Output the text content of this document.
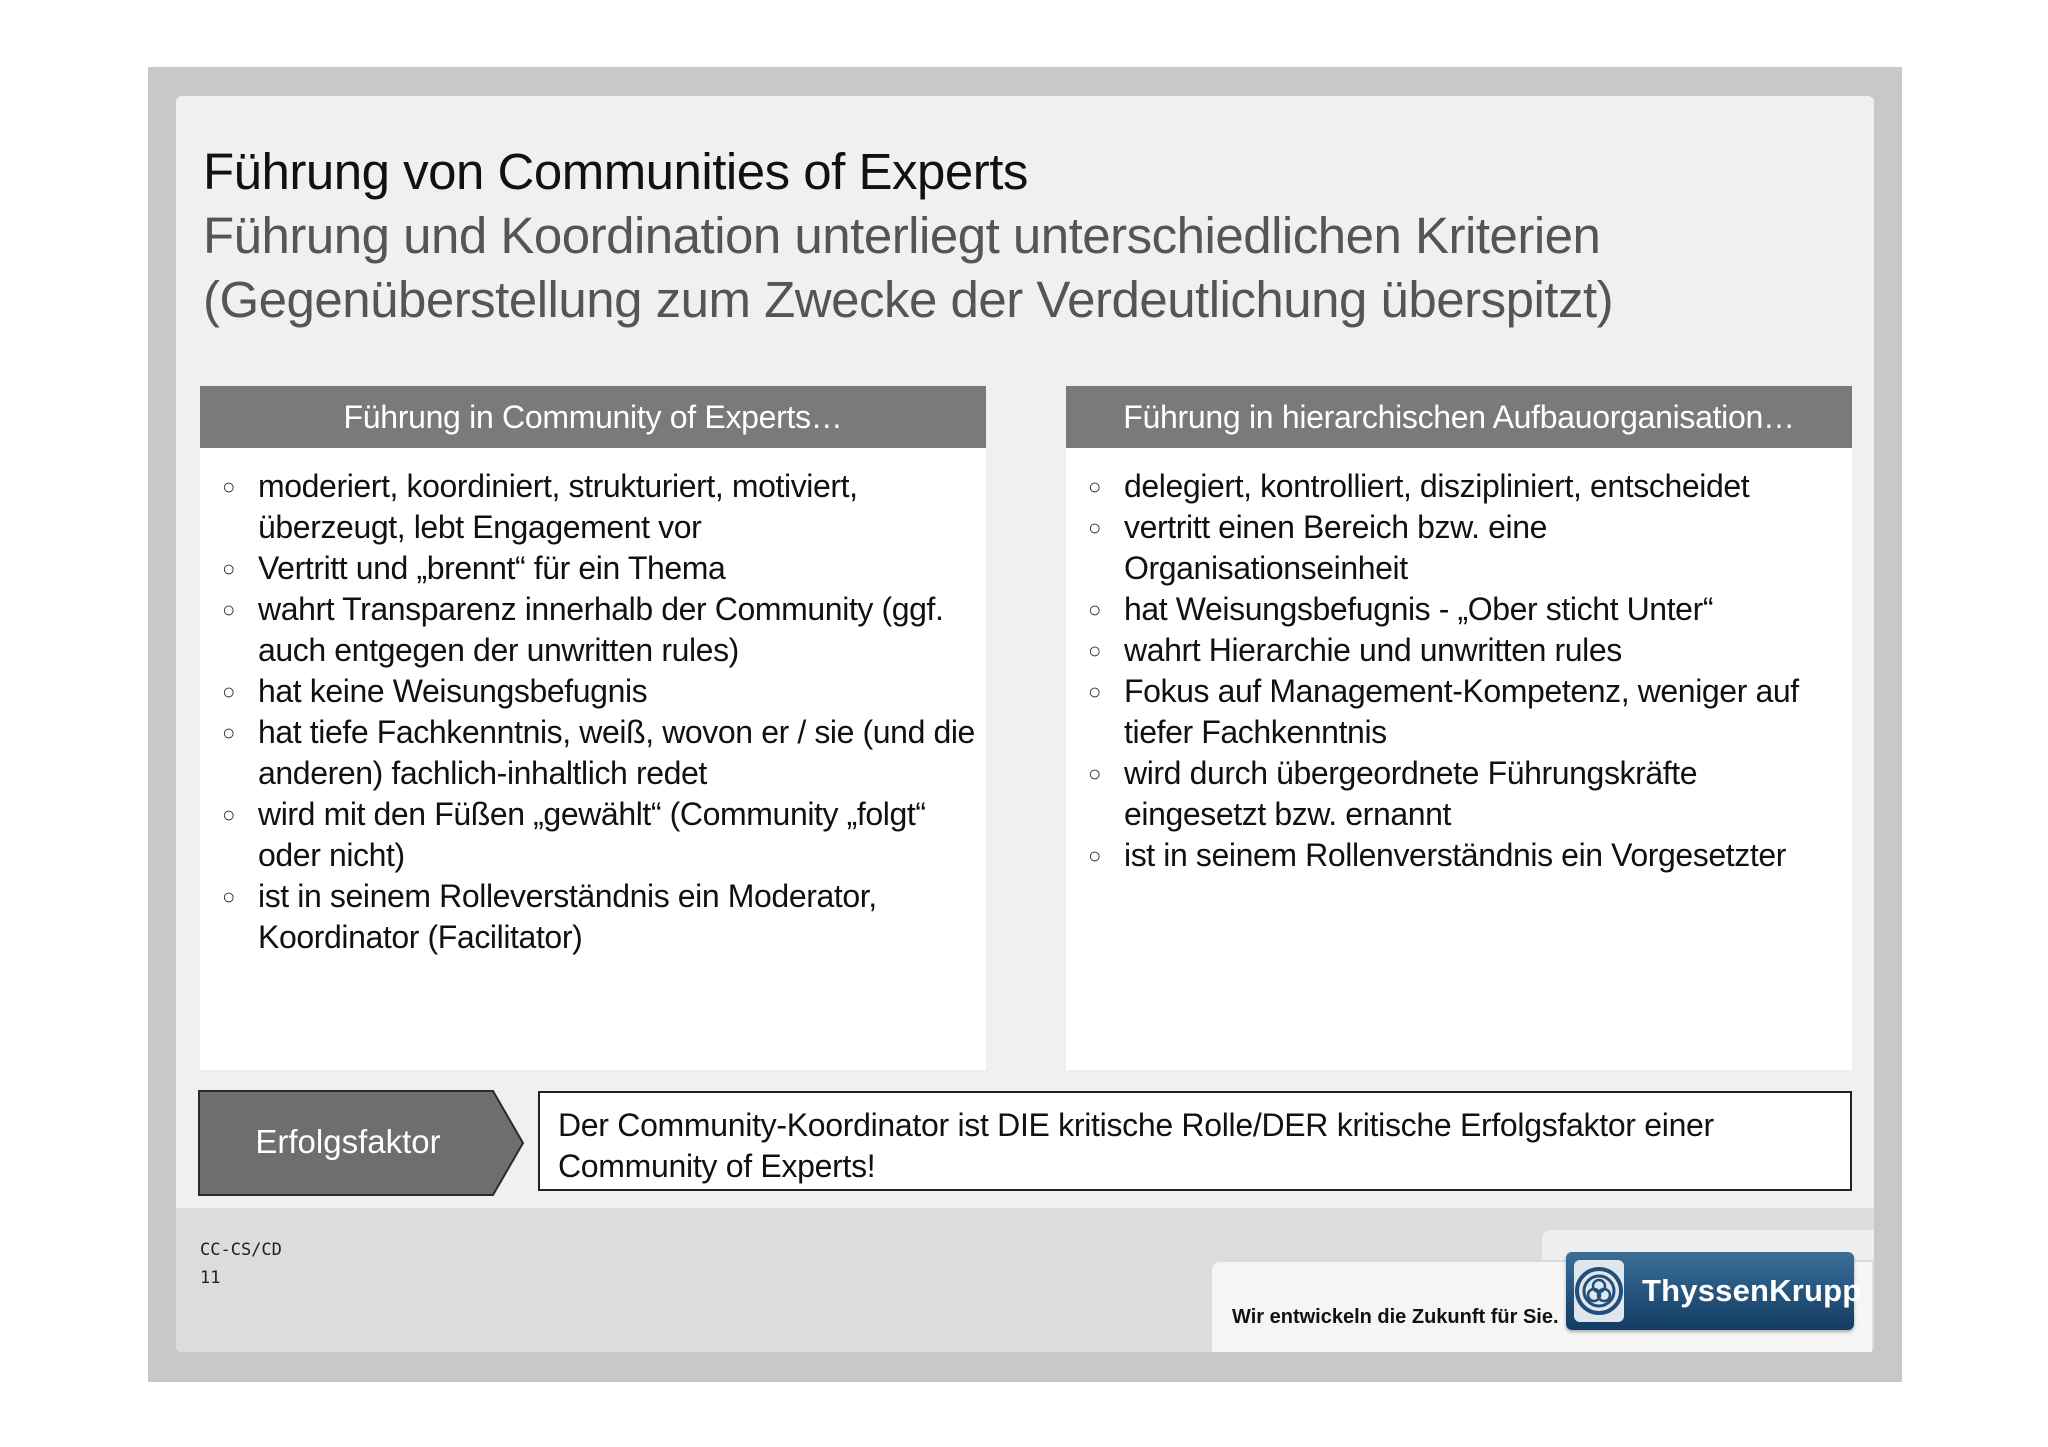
Führung von Communities of Experts
Führung und Koordination unterliegt unterschiedlichen Kriterien
(Gegenüberstellung zum Zwecke der Verdeutlichung überspitzt)
Führung in Community of Experts…
○ moderiert, koordiniert, strukturiert, motiviert,
überzeugt, lebt Engagement vor
○ Vertritt und „brennt“ für ein Thema
○ wahrt Transparenz innerhalb der Community (ggf.
auch entgegen der unwritten rules)
○ hat keine Weisungsbefugnis
○ hat tiefe Fachkenntnis, weiß, wovon er / sie (und die
anderen) fachlich-inhaltlich redet
○ wird mit den Füßen „gewählt“ (Community „folgt“
oder nicht)
○ ist in seinem Rolleverständnis ein Moderator,
Koordinator (Facilitator)
Führung in hierarchischen Aufbauorganisation…
○ delegiert, kontrolliert, diszipliniert, entscheidet
○ vertritt einen Bereich bzw. eine
Organisationseinheit
○ hat Weisungsbefugnis - „Ober sticht Unter“
○ wahrt Hierarchie und unwritten rules
○ Fokus auf Management-Kompetenz, weniger auf
tiefer Fachkenntnis
○ wird durch übergeordnete Führungskräfte
eingesetzt bzw. ernannt
○ ist in seinem Rollenverständnis ein Vorgesetzter
Erfolgsfaktor	Der Community-Koordinator ist DIE kritische Rolle/DER kritische Erfolgsfaktor einer
Community of Experts!
CC-CS/CD
11
Wir entwickeln die Zukunft für Sie.
ThyssenKrupp
